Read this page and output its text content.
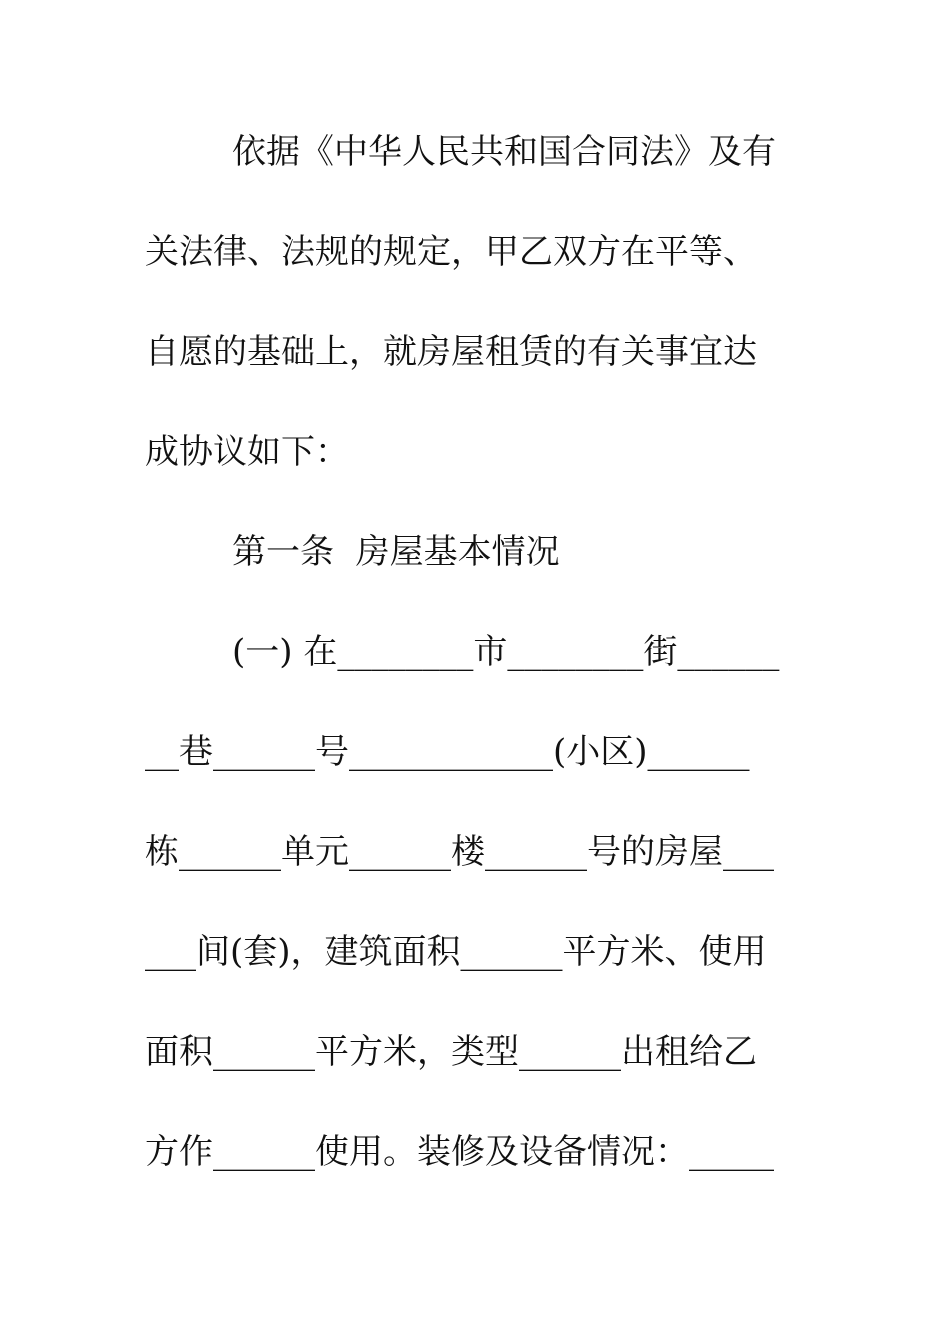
依据《中华人民共和国合同法》及有
关法律、法规的规定，甲乙双方在平等、
自愿的基础上，就房屋租赁的有关事宜达
成协议如下：
第一条  房屋基本情况
(一) 在________市________街______
__巷______号____________(小区)______
栋______单元______楼______号的房屋___
___间(套)，建筑面积______平方米、使用
面积______平方米，类型______出租给乙
方作______使用。装修及设备情况：_____
